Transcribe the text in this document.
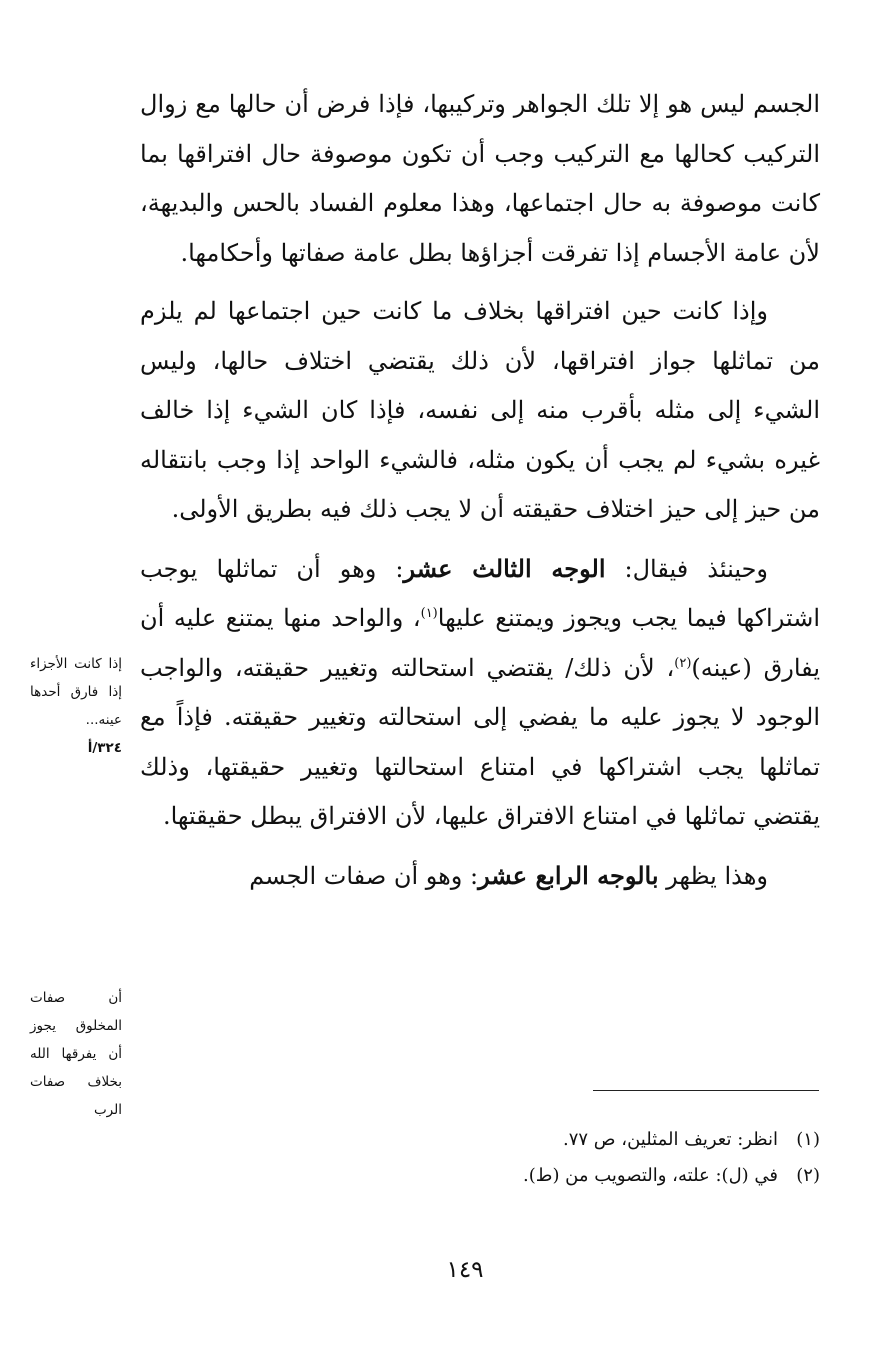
الجسم ليس هو إلا تلك الجواهر وتركيبها، فإذا فرض أن حالها مع زوال التركيب كحالها مع التركيب وجب أن تكون موصوفة حال افتراقها بما كانت موصوفة به حال اجتماعها، وهذا معلوم الفساد بالحس والبديهة، لأن عامة الأجسام إذا تفرقت أجزاؤها بطل عامة صفاتها وأحكامها.

وإذا كانت حين افتراقها بخلاف ما كانت حين اجتماعها لم يلزم من تماثلها جواز افتراقها، لأن ذلك يقتضي اختلاف حالها، وليس الشيء إلى مثله بأقرب منه إلى نفسه، فإذا كان الشيء إذا خالف غيره بشيء لم يجب أن يكون مثله، فالشيء الواحد إذا وجب بانتقاله من حيز إلى حيز اختلاف حقيقته أن لا يجب ذلك فيه بطريق الأولى.

وحينئذ فيقال: الوجه الثالث عشر: وهو أن تماثلها يوجب اشتراكها فيما يجب ويجوز ويمتنع عليها$^{(١)}$، والواحد منها يمتنع عليه أن يفارق (عينه)$^{(٢)}$، لأن ذلك/ يقتضي استحالته وتغيير حقيقته، والواجب الوجود لا يجوز عليه ما يفضي إلى استحالته وتغيير حقيقته. فإذاً مع تماثلها يجب اشتراكها في امتناع استحالتها وتغيير حقيقتها، وذلك يقتضي تماثلها في امتناع الافتراق عليها، لأن الافتراق يبطل حقيقتها.

وهذا يظهر بالوجه الرابع عشر: وهو أن صفات الجسم

إذا كانت الأجزاء إذا فارق أحدها عينه...
٣٢٤/أ
أن صفات المخلوق يجوز أن يفرقها الله بخلاف صفات الرب
(١)انظر: تعريف المثلين، ص ٧٧.
(٢)في (ل): علته، والتصويب من (ط).
١٤٩
